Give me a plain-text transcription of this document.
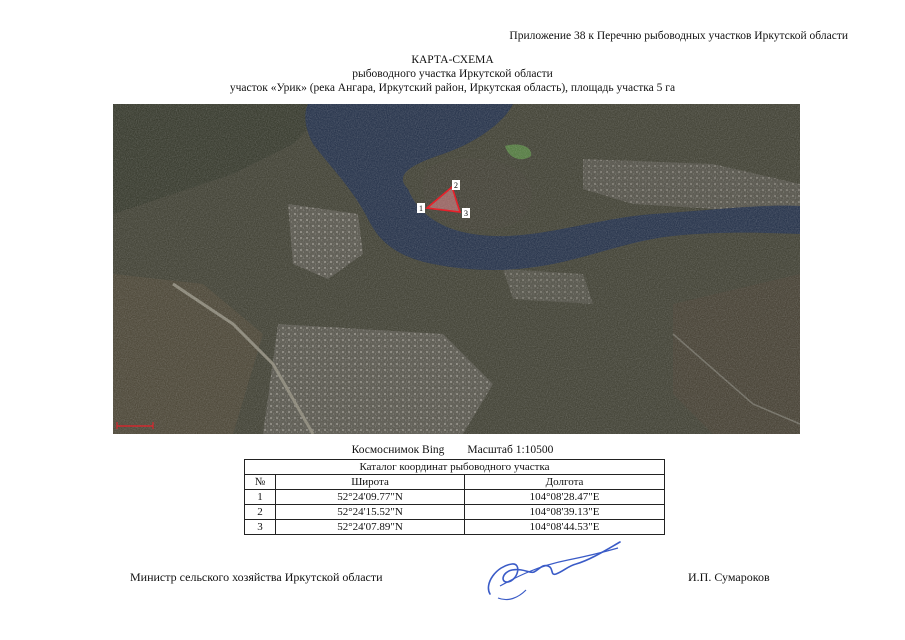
Приложение 38 к Перечню рыбоводных участков Иркутской области
КАРТА-СХЕМА
рыбоводного участка Иркутской области
участок «Урик» (река Ангара, Иркутский район, Иркутская область), площадь участка 5 га
1
2
3
Космоснимок Bing Масштаб 1:10500
Каталог координат рыбоводного участка		
№	Широта	Долгота
1	52°24'09.77"N	104°08'28.47"E
2	52°24'15.52"N	104°08'39.13"E
3	52°24'07.89"N	104°08'44.53"E
Министр сельского хозяйства Иркутской области	И.П. Сумароков
